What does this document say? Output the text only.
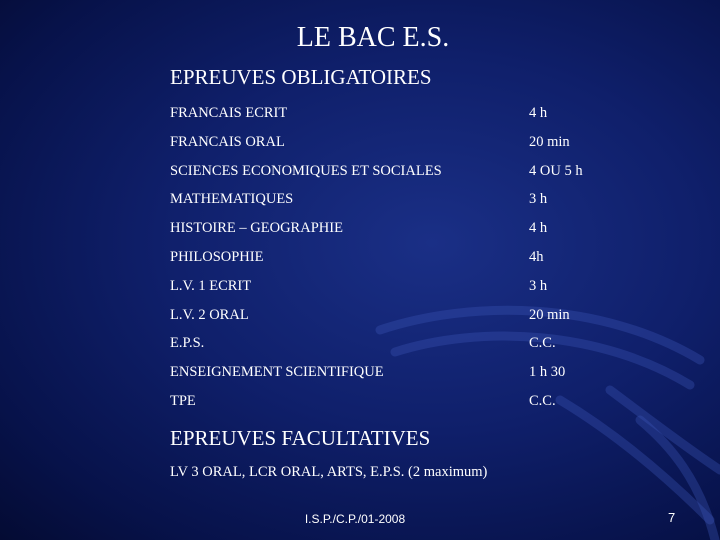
LE BAC E.S.
EPREUVES OBLIGATOIRES
FRANCAIS ECRIT	4 h
FRANCAIS ORAL	20 min
SCIENCES ECONOMIQUES ET SOCIALES	4 OU 5 h
MATHEMATIQUES	3 h
HISTOIRE – GEOGRAPHIE	4 h
PHILOSOPHIE	4h
L.V. 1 ECRIT	3 h
L.V. 2 ORAL	20 min
E.P.S.	C.C.
ENSEIGNEMENT SCIENTIFIQUE	1 h 30
TPE	C.C.
EPREUVES FACULTATIVES
LV 3 ORAL, LCR ORAL, ARTS, E.P.S. (2 maximum)
I.S.P./C.P./01-2008	7
